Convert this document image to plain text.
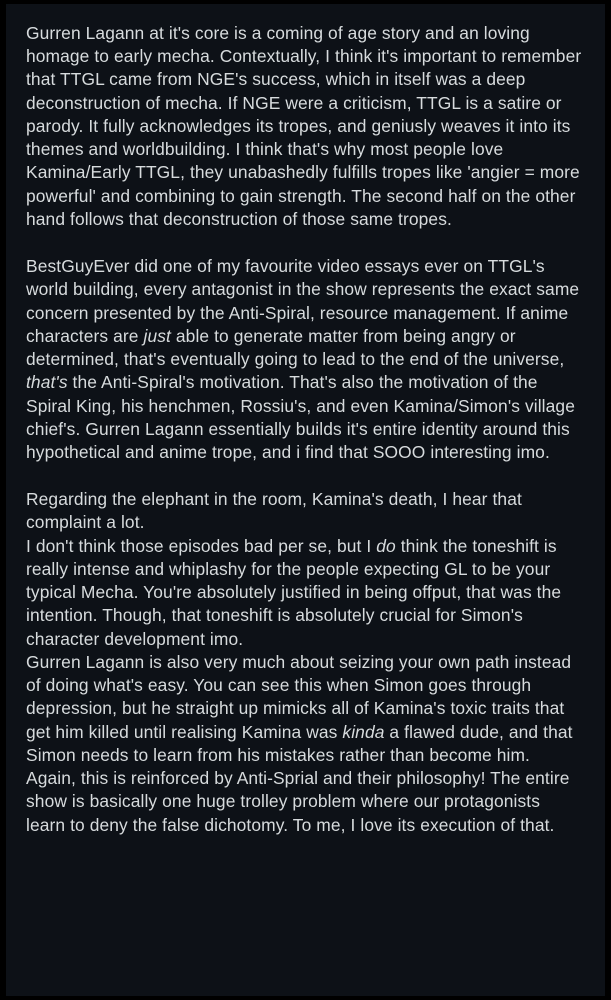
Gurren Lagann at it's core is a coming of age story and an loving homage to early mecha. Contextually, I think it's important to remember that TTGL came from NGE's success, which in itself was a deep deconstruction of mecha. If NGE were a criticism, TTGL is a satire or parody. It fully acknowledges its tropes, and geniusly weaves it into its themes and worldbuilding. I think that's why most people love Kamina/Early TTGL, they unabashedly fulfills tropes like 'angier = more powerful' and combining to gain strength. The second half on the other hand follows that deconstruction of those same tropes.

BestGuyEver did one of my favourite video essays ever on TTGL's world building, every antagonist in the show represents the exact same concern presented by the Anti-Spiral, resource management. If anime characters are just able to generate matter from being angry or determined, that's eventually going to lead to the end of the universe, that's the Anti-Spiral's motivation. That's also the motivation of the Spiral King, his henchmen, Rossiu's, and even Kamina/Simon's village chief's. Gurren Lagann essentially builds it's entire identity around this hypothetical and anime trope, and i find that SOOO interesting imo.

Regarding the elephant in the room, Kamina's death, I hear that complaint a lot.

I don't think those episodes bad per se, but I do think the toneshift is really intense and whiplashy for the people expecting GL to be your typical Mecha. You're absolutely justified in being offput, that was the intention. Though, that toneshift is absolutely crucial for Simon's character development imo.

Gurren Lagann is also very much about seizing your own path instead of doing what's easy. You can see this when Simon goes through depression, but he straight up mimicks all of Kamina's toxic traits that get him killed until realising Kamina was kinda a flawed dude, and that Simon needs to learn from his mistakes rather than become him. Again, this is reinforced by Anti-Sprial and their philosophy! The entire show is basically one huge trolley problem where our protagonists learn to deny the false dichotomy. To me, I love its execution of that.
